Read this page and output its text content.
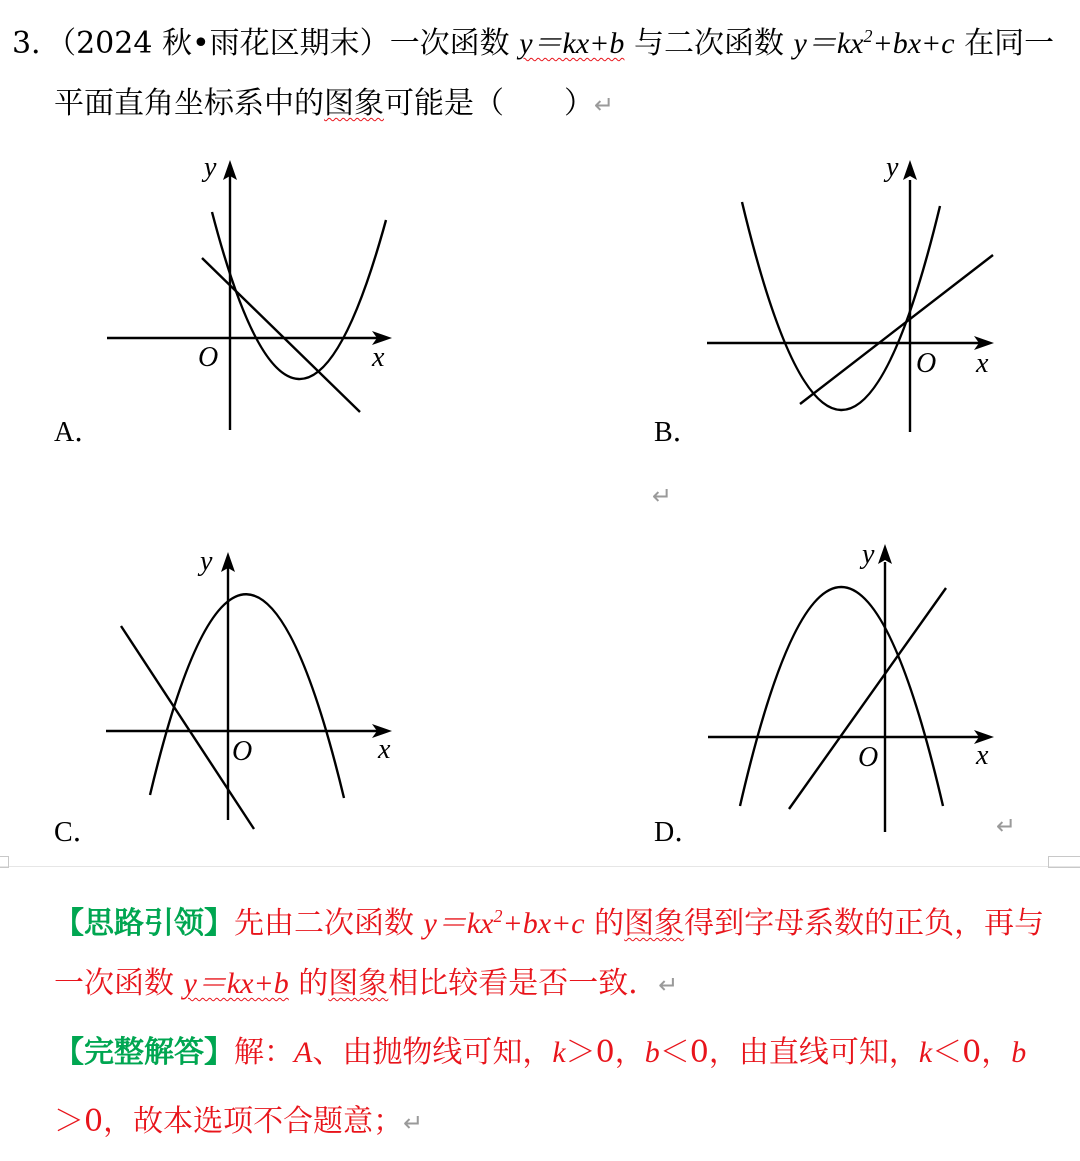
3．（2024 秋•雨花区期末）一次函数 y＝kx+b 与二次函数 $y=kx^2+bx+c$ 在同一
平面直角坐标系中的图象可能是（　　）↵
y
x
O
A．
y
x
O
B．
↵
y
x
O
C．
y
x
O
D．	↵
【思路引领】先由二次函数 $y=kx^2+bx+c$ 的图象得到字母系数的正负，再与
一次函数 y＝kx+b 的图象相比较看是否一致．↵
【完整解答】解：A、由抛物线可知，k＞0，b＜0，由直线可知，k＜0，b
＞0，故本选项不合题意；↵
